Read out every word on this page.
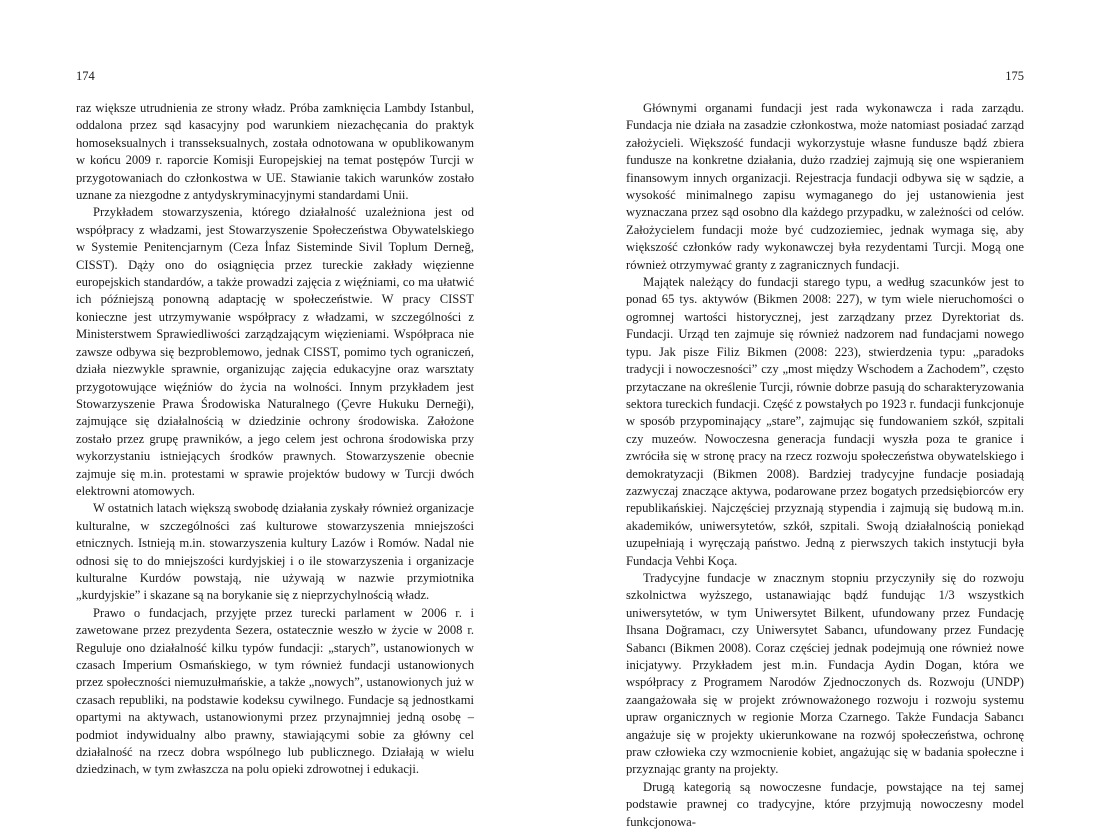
174

raz większe utrudnienia ze strony władz. Próba zamknięcia Lambdy Istanbul, oddalona przez sąd kasacyjny pod warunkiem niezachęcania do praktyk homoseksualnych i transseksualnych, została odnotowana w opublikowanym w końcu 2009 r. raporcie Komisji Europejskiej na temat postępów Turcji w przygotowaniach do członkostwa w UE. Stawianie takich warunków zostało uznane za niezgodne z antydyskryminacyjnymi standardami Unii.

Przykładem stowarzyszenia, którego działalność uzależniona jest od współpracy z władzami, jest Stowarzyszenie Społeczeństwa Obywatelskiego w Systemie Penitencjarnym (Ceza İnfaz Sisteminde Sivil Toplum Derneğ, CISST). Dąży ono do osiągnięcia przez tureckie zakłady więzienne europejskich standardów, a także prowadzi zajęcia z więźniami, co ma ułatwić ich późniejszą ponowną adaptację w społeczeństwie. W pracy CISST konieczne jest utrzymywanie współpracy z władzami, w szczególności z Ministerstwem Sprawiedliwości zarządzającym więzieniami. Współpraca nie zawsze odbywa się bezproblemowo, jednak CISST, pomimo tych ograniczeń, działa niezwykle sprawnie, organizując zajęcia edukacyjne oraz warsztaty przygotowujące więźniów do życia na wolności. Innym przykładem jest Stowarzyszenie Prawa Środowiska Naturalnego (Çevre Hukuku Derneği), zajmujące się działalnością w dziedzinie ochrony środowiska. Założone zostało przez grupę prawników, a jego celem jest ochrona środowiska przy wykorzystaniu istniejących środków prawnych. Stowarzyszenie obecnie zajmuje się m.in. protestami w sprawie projektów budowy w Turcji dwóch elektrowni atomowych.

W ostatnich latach większą swobodę działania zyskały również organizacje kulturalne, w szczególności zaś kulturowe stowarzyszenia mniejszości etnicznych. Istnieją m.in. stowarzyszenia kultury Lazów i Romów. Nadal nie odnosi się to do mniejszości kurdyjskiej i o ile stowarzyszenia i organizacje kulturalne Kurdów powstają, nie używają w nazwie przymiotnika „kurdyjskie” i skazane są na borykanie się z nieprzychylnością władz.

Prawo o fundacjach, przyjęte przez turecki parlament w 2006 r. i zawetowane przez prezydenta Sezera, ostatecznie weszło w życie w 2008 r. Reguluje ono działalność kilku typów fundacji: „starych”, ustanowionych w czasach Imperium Osmańskiego, w tym również fundacji ustanowionych przez społeczności niemuzułmańskie, a także „nowych”, ustanowionych już w czasach republiki, na podstawie kodeksu cywilnego. Fundacje są jednostkami opartymi na aktywach, ustanowionymi przez przynajmniej jedną osobę – podmiot indywidualny albo prawny, stawiającymi sobie za główny cel działalność na rzecz dobra wspólnego lub publicznego. Działają w wielu dziedzinach, w tym zwłaszcza na polu opieki zdrowotnej i edukacji.

175

Głównymi organami fundacji jest rada wykonawcza i rada zarządu. Fundacja nie działa na zasadzie członkostwa, może natomiast posiadać zarząd założycieli. Większość fundacji wykorzystuje własne fundusze bądź zbiera fundusze na konkretne działania, dużo rzadziej zajmują się one wspieraniem finansowym innych organizacji. Rejestracja fundacji odbywa się w sądzie, a wysokość minimalnego zapisu wymaganego do jej ustanowienia jest wyznaczana przez sąd osobno dla każdego przypadku, w zależności od celów. Założycielem fundacji może być cudzoziemiec, jednak wymaga się, aby większość członków rady wykonawczej była rezydentami Turcji. Mogą one również otrzymywać granty z zagranicznych fundacji.

Majątek należący do fundacji starego typu, a według szacunków jest to ponad 65 tys. aktywów (Bikmen 2008: 227), w tym wiele nieruchomości o ogromnej wartości historycznej, jest zarządzany przez Dyrektoriat ds. Fundacji. Urząd ten zajmuje się również nadzorem nad fundacjami nowego typu. Jak pisze Filiz Bikmen (2008: 223), stwierdzenia typu: „paradoks tradycji i nowoczesności” czy „most między Wschodem a Zachodem”, często przytaczane na określenie Turcji, równie dobrze pasują do scharakteryzowania sektora tureckich fundacji. Część z powstałych po 1923 r. fundacji funkcjonuje w sposób przypominający „stare”, zajmując się fundowaniem szkół, szpitali czy muzeów. Nowoczesna generacja fundacji wyszła poza te granice i zwróciła się w stronę pracy na rzecz rozwoju społeczeństwa obywatelskiego i demokratyzacji (Bikmen 2008). Bardziej tradycyjne fundacje posiadają zazwyczaj znaczące aktywa, podarowane przez bogatych przedsiębiorców ery republikańskiej. Najczęściej przyznają stypendia i zajmują się budową m.in. akademików, uniwersytetów, szkół, szpitali. Swoją działalnością poniekąd uzupełniają i wyręczają państwo. Jedną z pierwszych takich instytucji była Fundacja Vehbi Koça.

Tradycyjne fundacje w znacznym stopniu przyczyniły się do rozwoju szkolnictwa wyższego, ustanawiając bądź fundując 1/3 wszystkich uniwersytetów, w tym Uniwersytet Bilkent, ufundowany przez Fundację Ihsana Doğramacı, czy Uniwersytet Sabancı, ufundowany przez Fundację Sabancı (Bikmen 2008). Coraz częściej jednak podejmują one również nowe inicjatywy. Przykładem jest m.in. Fundacja Aydin Dogan, która we współpracy z Programem Narodów Zjednoczonych ds. Rozwoju (UNDP) zaangażowała się w projekt zrównoważonego rozwoju i rozwoju systemu upraw organicznych w regionie Morza Czarnego. Także Fundacja Sabancı angażuje się w projekty ukierunkowane na rozwój społeczeństwa, ochronę praw człowieka czy wzmocnienie kobiet, angażując się w badania społeczne i przyznając granty na projekty.

Drugą kategorią są nowoczesne fundacje, powstające na tej samej podstawie prawnej co tradycyjne, które przyjmują nowoczesny model funkcjonowa-
